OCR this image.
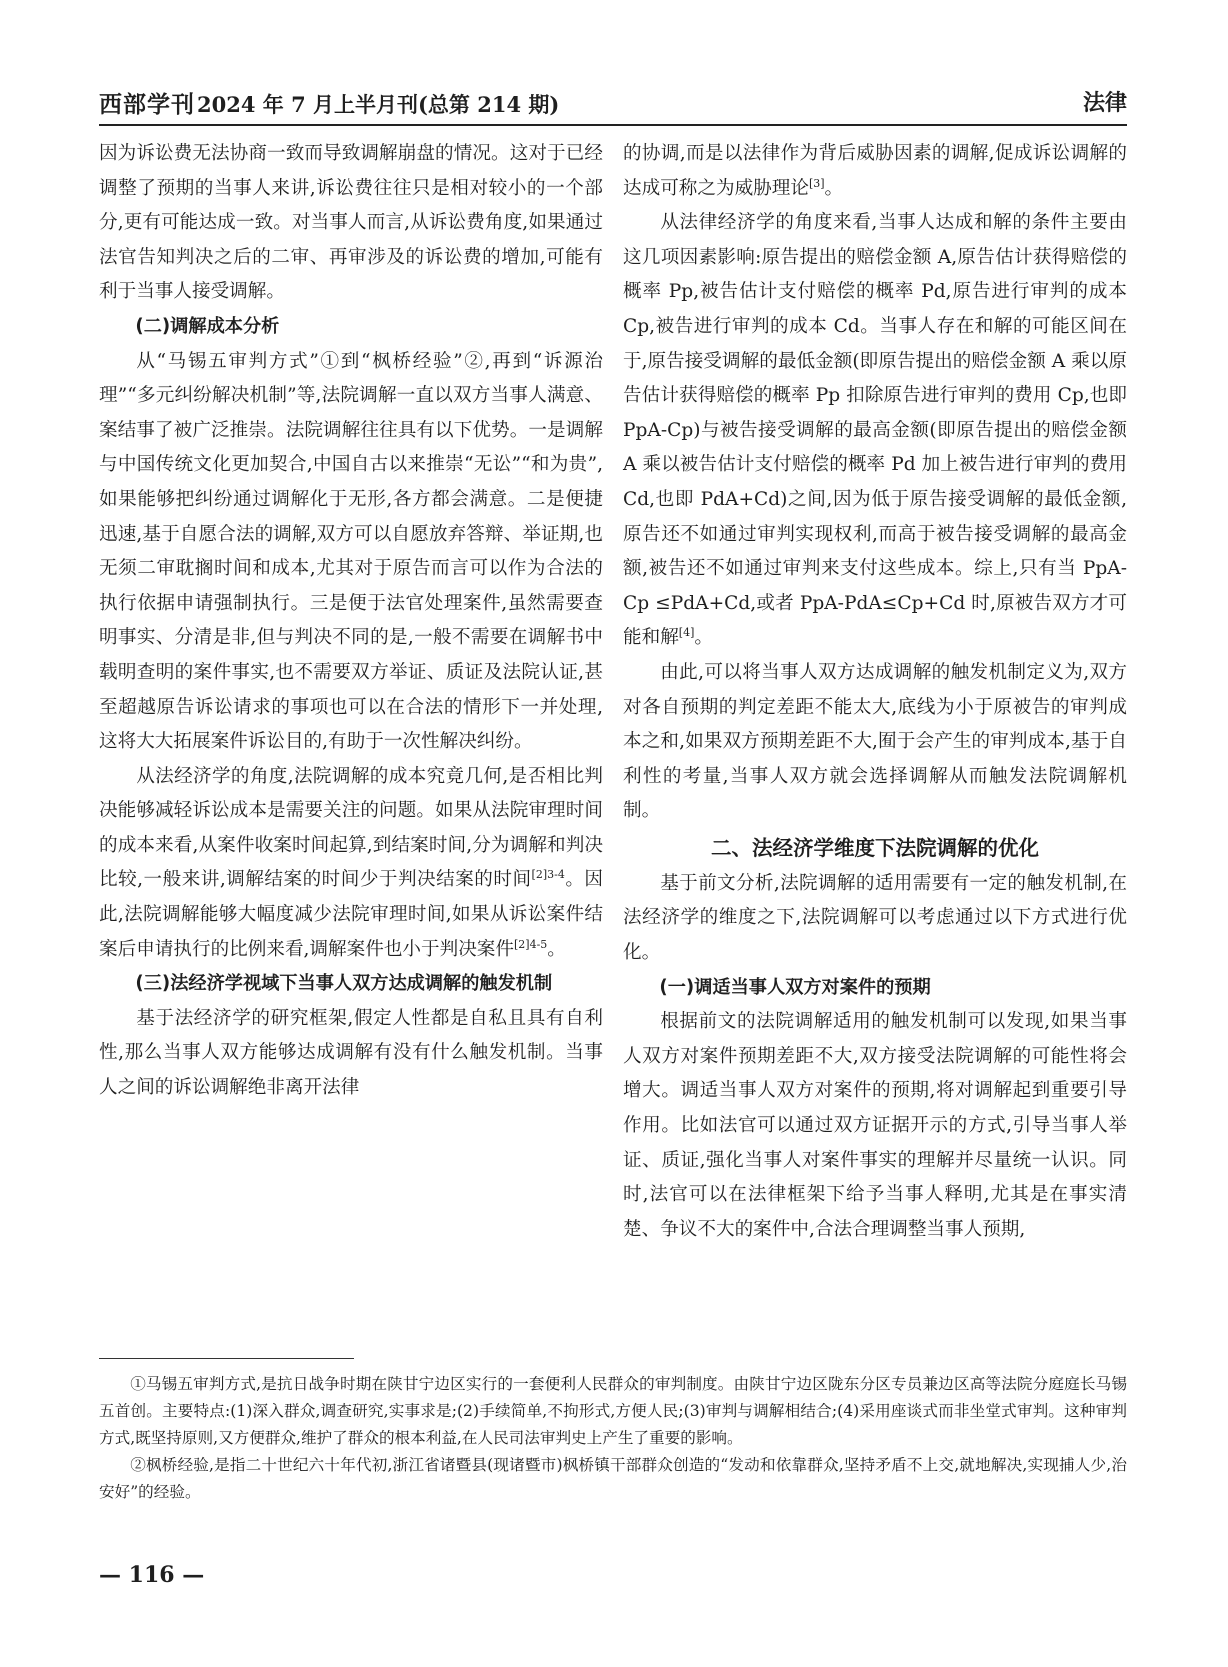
西部学刊2024 年 7 月上半月刊(总第 214 期)	法律

因为诉讼费无法协商一致而导致调解崩盘的情况。这对于已经调整了预期的当事人来讲,诉讼费往往只是相对较小的一个部分,更有可能达成一致。对当事人而言,从诉讼费角度,如果通过法官告知判决之后的二审、再审涉及的诉讼费的增加,可能有利于当事人接受调解。

(二)调解成本分析

从“马锡五审判方式”①到“枫桥经验”②,再到“诉源治理”“多元纠纷解决机制”等,法院调解一直以双方当事人满意、案结事了被广泛推崇。法院调解往往具有以下优势。一是调解与中国传统文化更加契合,中国自古以来推崇“无讼”“和为贵”,如果能够把纠纷通过调解化于无形,各方都会满意。二是便捷迅速,基于自愿合法的调解,双方可以自愿放弃答辩、举证期,也无须二审耽搁时间和成本,尤其对于原告而言可以作为合法的执行依据申请强制执行。三是便于法官处理案件,虽然需要查明事实、分清是非,但与判决不同的是,一般不需要在调解书中载明查明的案件事实,也不需要双方举证、质证及法院认证,甚至超越原告诉讼请求的事项也可以在合法的情形下一并处理,这将大大拓展案件诉讼目的,有助于一次性解决纠纷。

从法经济学的角度,法院调解的成本究竟几何,是否相比判决能够减轻诉讼成本是需要关注的问题。如果从法院审理时间的成本来看,从案件收案时间起算,到结案时间,分为调解和判决比较,一般来讲,调解结案的时间少于判决结案的时间$^{[2]3-4}$。因此,法院调解能够大幅度减少法院审理时间,如果从诉讼案件结案后申请执行的比例来看,调解案件也小于判决案件$^{[2]4-5}$。

(三)法经济学视域下当事人双方达成调解的触发机制

基于法经济学的研究框架,假定人性都是自私且具有自利性,那么当事人双方能够达成调解有没有什么触发机制。当事人之间的诉讼调解绝非离开法律

的协调,而是以法律作为背后威胁因素的调解,促成诉讼调解的达成可称之为威胁理论[3]。

从法律经济学的角度来看,当事人达成和解的条件主要由这几项因素影响:原告提出的赔偿金额 A,原告估计获得赔偿的概率 Pp,被告估计支付赔偿的概率 Pd,原告进行审判的成本 Cp,被告进行审判的成本 Cd。当事人存在和解的可能区间在于,原告接受调解的最低金额(即原告提出的赔偿金额 A 乘以原告估计获得赔偿的概率 Pp 扣除原告进行审判的费用 Cp,也即 PpA-Cp)与被告接受调解的最高金额(即原告提出的赔偿金额 A 乘以被告估计支付赔偿的概率 Pd 加上被告进行审判的费用 Cd,也即 PdA+Cd)之间,因为低于原告接受调解的最低金额,原告还不如通过审判实现权利,而高于被告接受调解的最高金额,被告还不如通过审判来支付这些成本。综上,只有当 PpA-Cp ≤PdA+Cd,或者 PpA-PdA≤Cp+Cd 时,原被告双方才可能和解[4]。

由此,可以将当事人双方达成调解的触发机制定义为,双方对各自预期的判定差距不能太大,底线为小于原被告的审判成本之和,如果双方预期差距不大,囿于会产生的审判成本,基于自利性的考量,当事人双方就会选择调解从而触发法院调解机制。

二、法经济学维度下法院调解的优化

基于前文分析,法院调解的适用需要有一定的触发机制,在法经济学的维度之下,法院调解可以考虑通过以下方式进行优化。

(一)调适当事人双方对案件的预期

根据前文的法院调解适用的触发机制可以发现,如果当事人双方对案件预期差距不大,双方接受法院调解的可能性将会增大。调适当事人双方对案件的预期,将对调解起到重要引导作用。比如法官可以通过双方证据开示的方式,引导当事人举证、质证,强化当事人对案件事实的理解并尽量统一认识。同时,法官可以在法律框架下给予当事人释明,尤其是在事实清楚、争议不大的案件中,合法合理调整当事人预期,

①马锡五审判方式,是抗日战争时期在陕甘宁边区实行的一套便利人民群众的审判制度。由陕甘宁边区陇东分区专员兼边区高等法院分庭庭长马锡五首创。主要特点:(1)深入群众,调查研究,实事求是;(2)手续简单,不拘形式,方便人民;(3)审判与调解相结合;(4)采用座谈式而非坐堂式审判。这种审判方式,既坚持原则,又方便群众,维护了群众的根本利益,在人民司法审判史上产生了重要的影响。

②枫桥经验,是指二十世纪六十年代初,浙江省诸暨县(现诸暨市)枫桥镇干部群众创造的“发动和依靠群众,坚持矛盾不上交,就地解决,实现捕人少,治安好”的经验。

— 116 —
